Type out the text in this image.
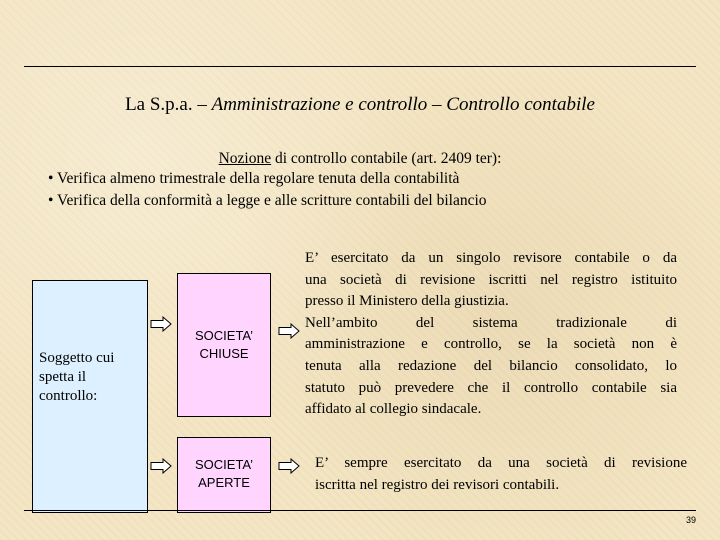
La S.p.a. – Amministrazione e controllo – Controllo contabile
Nozione di controllo contabile (art. 2409 ter):
• Verifica almeno trimestrale della regolare tenuta della contabilità
• Verifica della conformità a legge e alle scritture contabili del bilancio
Soggetto cui
spetta il
controllo:
SOCIETA’
CHIUSE
SOCIETA’
APERTE
E’ esercitato da un singolo revisore contabile o da
una società di revisione iscritti nel registro istituito
presso il Ministero della giustizia.
Nell’ambito del sistema tradizionale di
amministrazione e controllo, se la società non è
tenuta alla redazione del bilancio consolidato, lo
statuto può prevedere che il controllo contabile sia
affidato al collegio sindacale.
E’ sempre esercitato da una società di revisione
iscritta nel registro dei revisori contabili.
39
